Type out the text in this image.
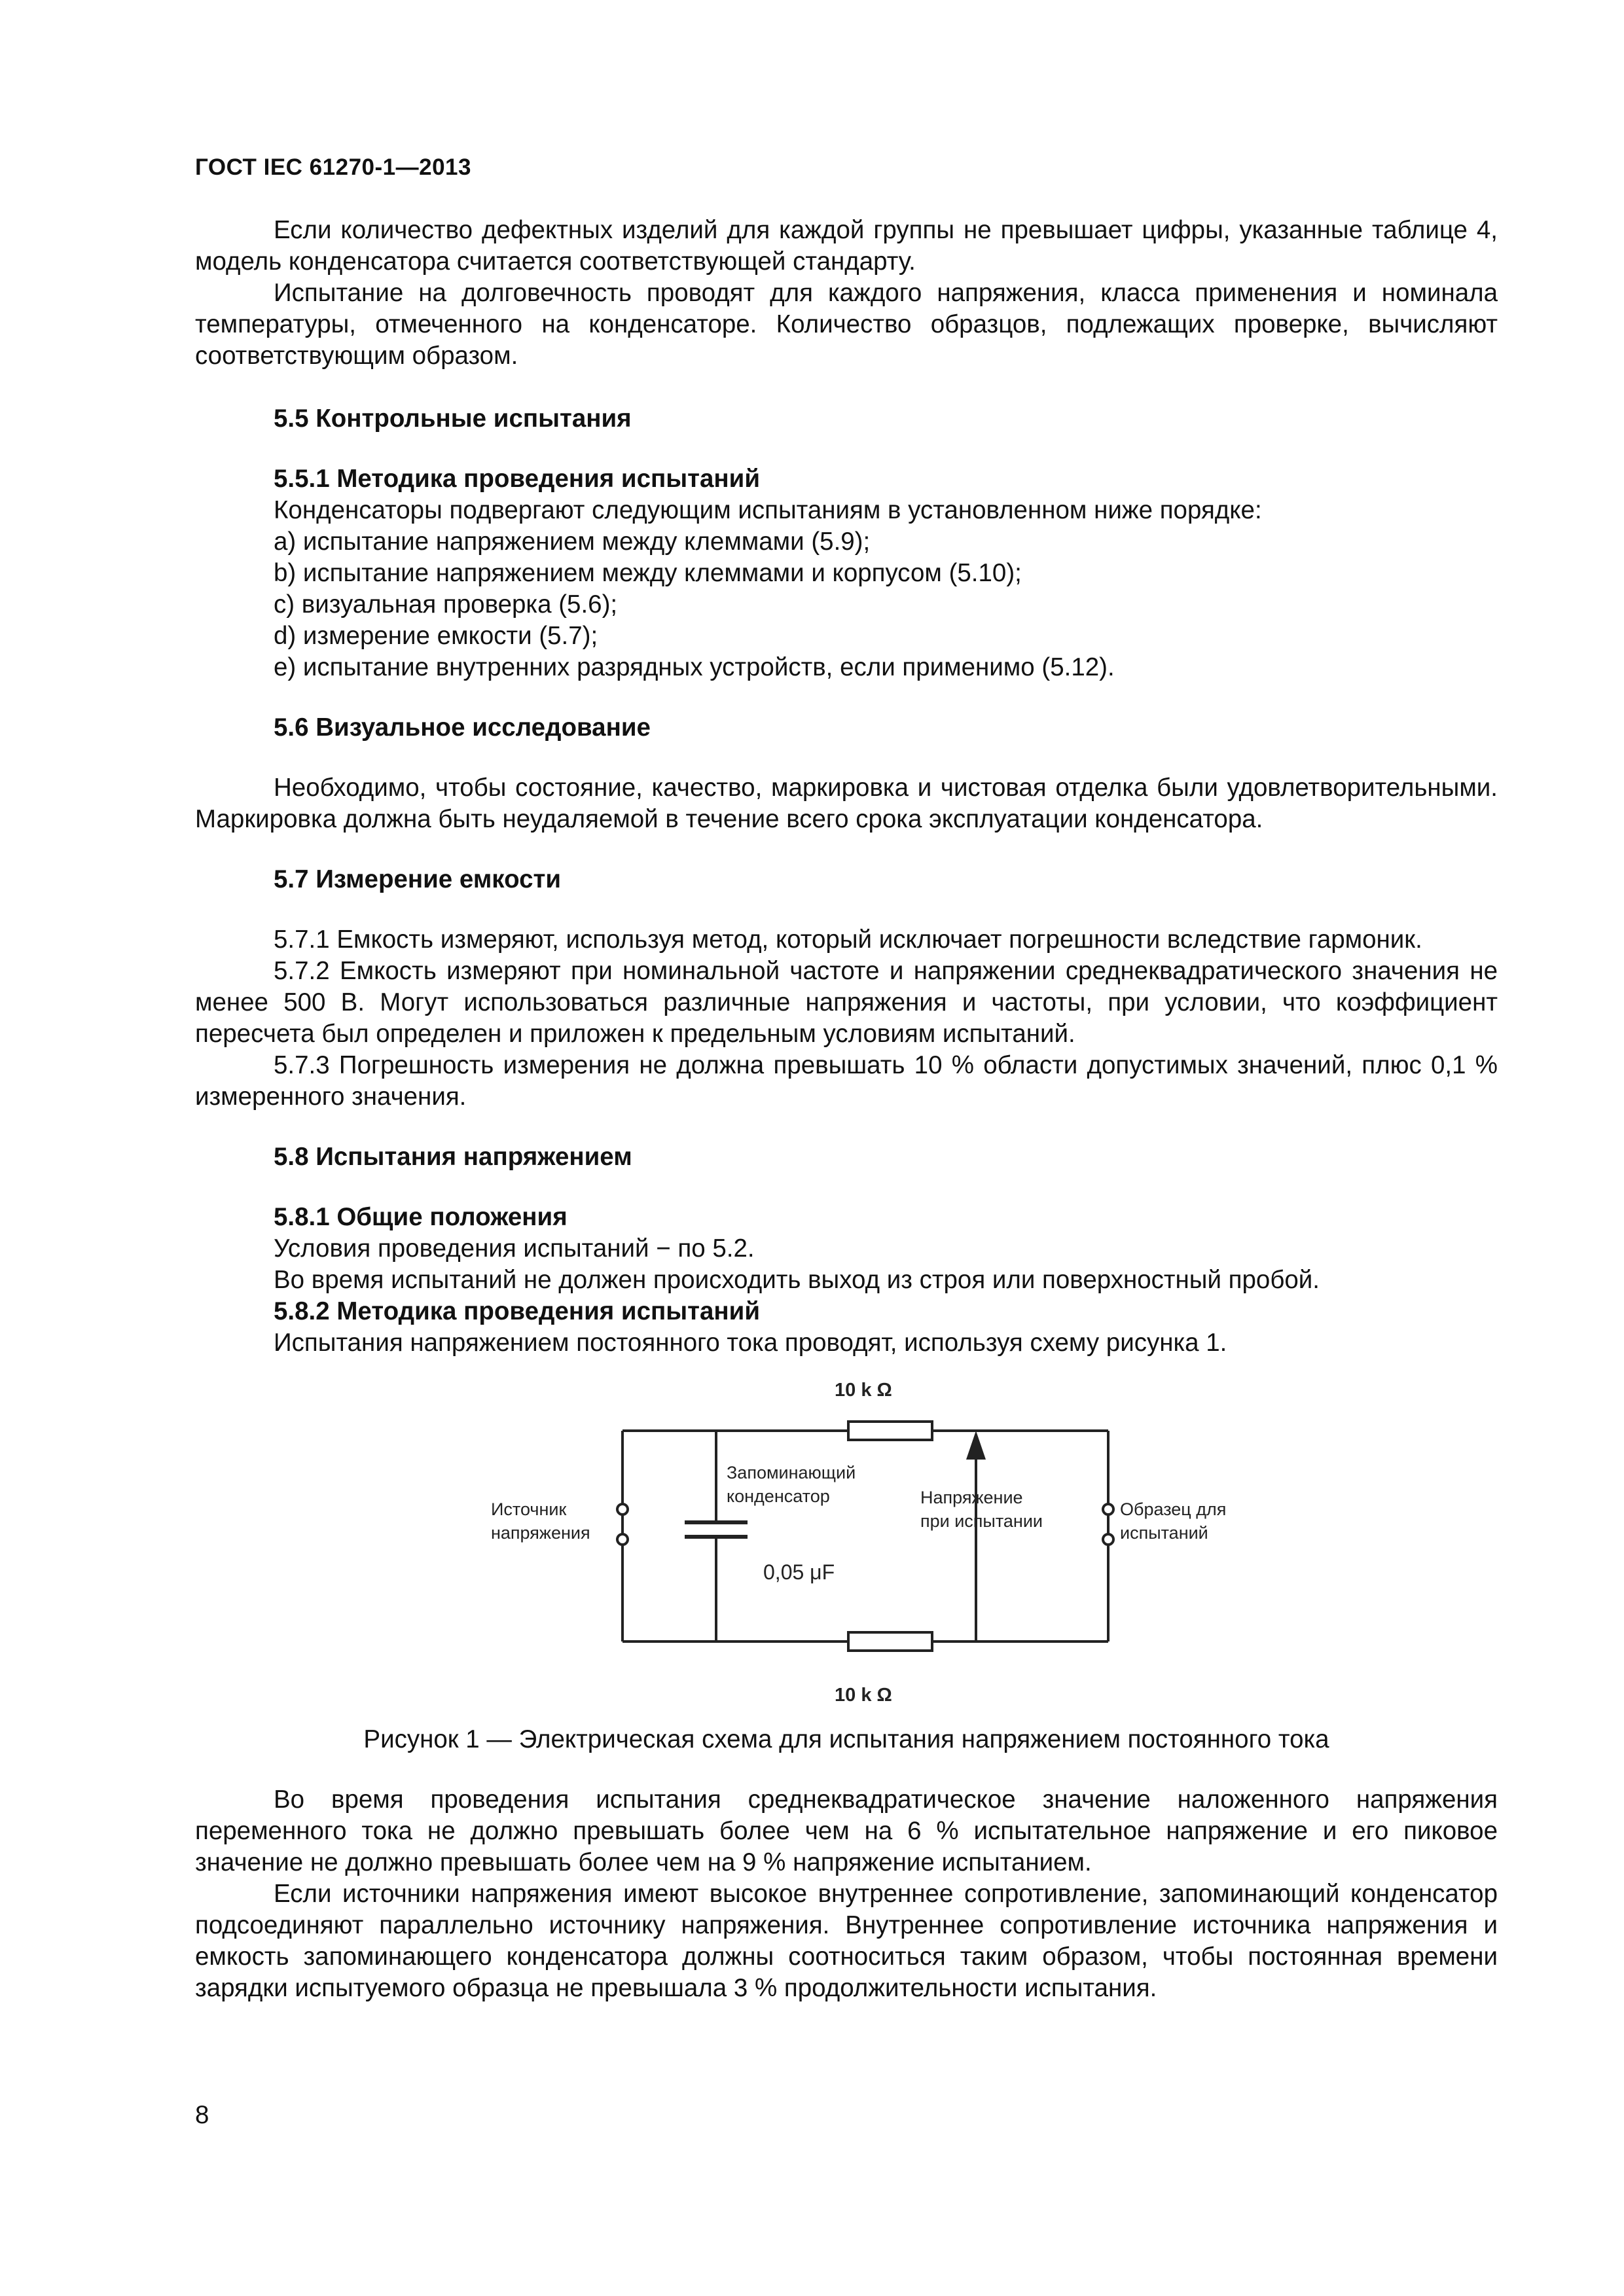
ГОСТ IEC 61270-1—2013

Если количество дефектных изделий для каждой группы не превышает цифры, указанные таблице 4, модель конденсатора считается соответствующей стандарту.

Испытание на долговечность проводят для каждого напряжения, класса применения и номинала температуры, отмеченного на конденсаторе. Количество образцов, подлежащих проверке, вычисляют соответствующим образом.

5.5 Контрольные испытания

5.5.1 Методика проведения испытаний

Конденсаторы подвергают следующим испытаниям в установленном ниже порядке:

a) испытание напряжением между клеммами (5.9);

b) испытание напряжением между клеммами и корпусом (5.10);

c) визуальная проверка (5.6);

d) измерение емкости (5.7);

e) испытание внутренних разрядных устройств, если применимо (5.12).

5.6 Визуальное исследование

Необходимо, чтобы состояние, качество, маркировка и чистовая отделка были удовлетворительными. Маркировка должна быть неудаляемой в течение всего срока эксплуатации конденсатора.

5.7 Измерение емкости

5.7.1 Емкость измеряют, используя метод, который исключает погрешности вследствие гармоник.

5.7.2 Емкость измеряют при номинальной частоте и напряжении среднеквадратического значения не менее 500 В. Могут использоваться различные напряжения и частоты, при условии, что коэффициент пересчета был определен и приложен к предельным условиям испытаний.

5.7.3 Погрешность измерения не должна превышать 10 % области допустимых значений, плюс 0,1 % измеренного значения.

5.8 Испытания напряжением

5.8.1 Общие положения

Условия проведения испытаний − по 5.2.

Во время испытаний не должен происходить выход из строя или поверхностный пробой.

5.8.2 Методика проведения испытаний

Испытания напряжением постоянного тока проводят, используя схему рисунка 1.

10 k Ω
10 k Ω
Источник
напряжения
Запоминающий
конденсатор
0,05 μF
Напряжение
при испытании
Образец для
испытаний

Рисунок 1 — Электрическая схема для испытания напряжением постоянного тока

Во время проведения испытания среднеквадратическое значение наложенного напряжения переменного тока не должно превышать более чем на 6 % испытательное напряжение и его пиковое значение не должно превышать более чем на 9 % напряжение испытанием.

Если источники напряжения имеют высокое внутреннее сопротивление, запоминающий конденсатор подсоединяют параллельно источнику напряжения. Внутреннее сопротивление источника напряжения и емкость запоминающего конденсатора должны соотноситься таким образом, чтобы постоянная времени зарядки испытуемого образца не превышала 3 % продолжительности испытания.

8
